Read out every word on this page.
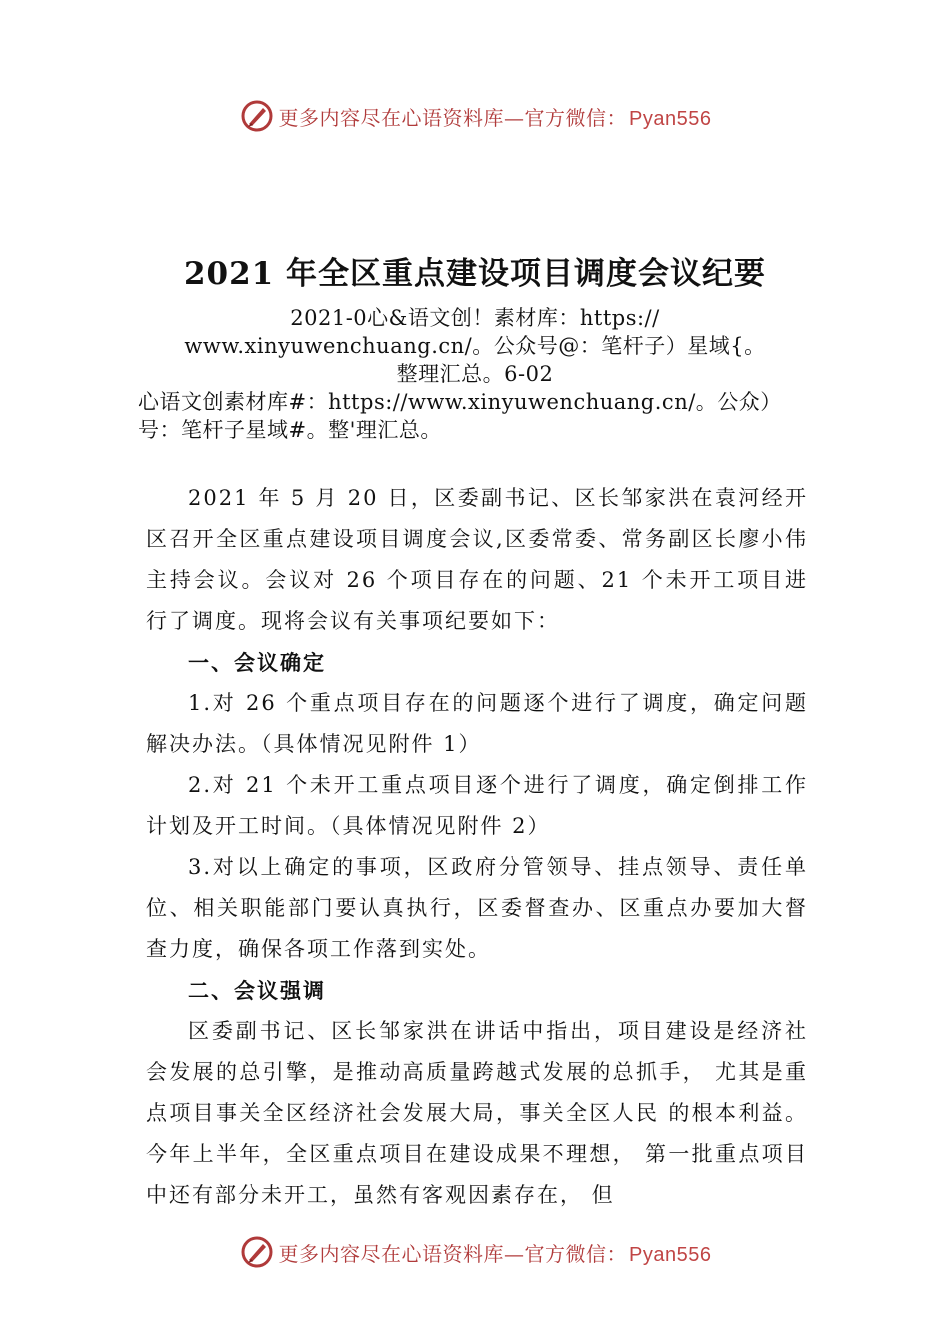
更多内容尽在心语资料库—官方微信： Pyan556
2021 年全区重点建设项目调度会议纪要
2021-0心&语文创！素材库：https://
www.xinyuwenchuang.cn/。公众号@：笔杆子）星域{。
整理汇总。6-02
心语文创素材库#：https://www.xinyuwenchuang.cn/。公众）
号：笔杆子星域#。整'理汇总。

2021 年 5 月 20 日，区委副书记、区长邹家洪在袁河经开区召开全区重点建设项目调度会议,区委常委、常务副区长廖小伟主持会议。会议对 26 个项目存在的问题、21 个未开工项目进行了调度。现将会议有关事项纪要如下：

一、会议确定

1.对 26 个重点项目存在的问题逐个进行了调度，确定问题解决办法。（具体情况见附件 1）

2.对 21 个未开工重点项目逐个进行了调度，确定倒排工作计划及开工时间。（具体情况见附件 2）

3.对以上确定的事项，区政府分管领导、挂点领导、责任单位、相关职能部门要认真执行，区委督查办、区重点办要加大督查力度，确保各项工作落到实处。

二、会议强调

区委副书记、区长邹家洪在讲话中指出，项目建设是经济社会发展的总引擎，是推动高质量跨越式发展的总抓手， 尤其是重点项目事关全区经济社会发展大局，事关全区人民 的根本利益。今年上半年，全区重点项目在建设成果不理想， 第一批重点项目中还有部分未开工，虽然有客观因素存在， 但

更多内容尽在心语资料库—官方微信： Pyan556
